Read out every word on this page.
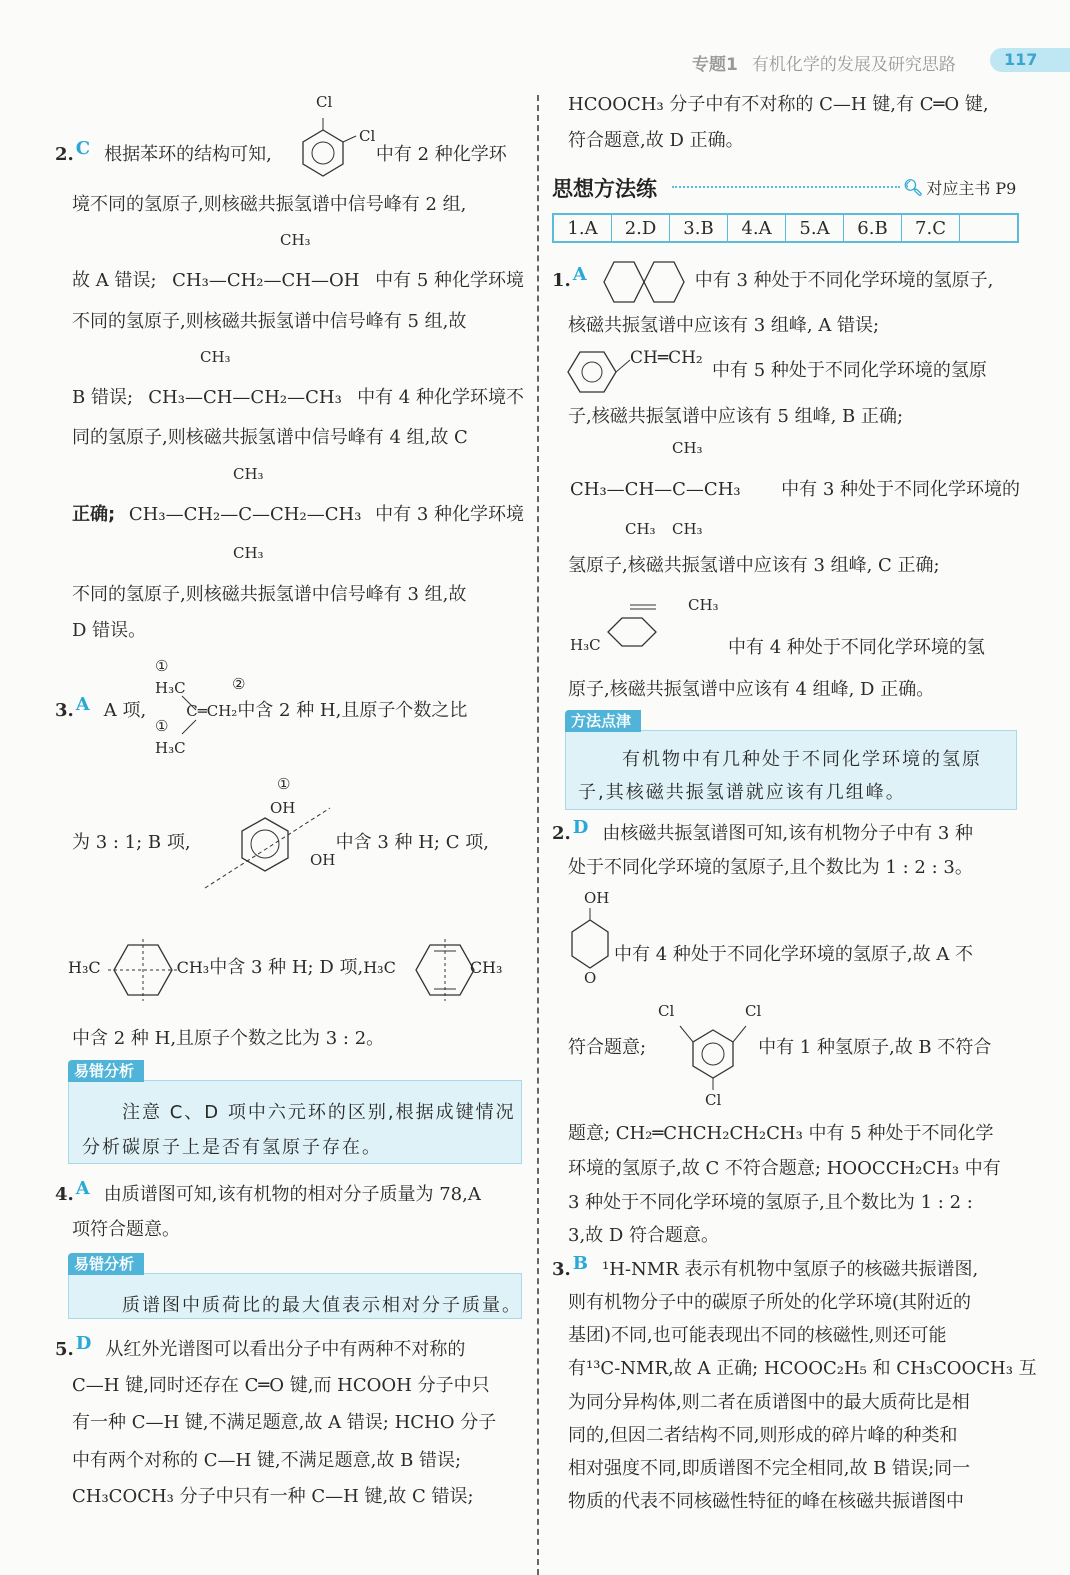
专题1 有机化学的发展及研究思路	117
2. C 根据苯环的结构可知,	中有 2 种化学环
Cl
Cl
境不同的氢原子,则核磁共振氢谱中信号峰有 2 组,
CH₃
故 A 错误; CH₃—CH₂—CH—OH 中有 5 种化学环境
不同的氢原子,则核磁共振氢谱中信号峰有 5 组,故
CH₃
B 错误; CH₃—CH—CH₂—CH₃ 中有 4 种化学环境不
同的氢原子,则核磁共振氢谱中信号峰有 4 组,故 C
CH₃
正确; CH₃—CH₂—C—CH₂—CH₃ 中有 3 种化学环境
CH₃
不同的氢原子,则核磁共振氢谱中信号峰有 3 组,故
D 错误。
①
H₃C
①
H₃C
②
3. A A 项,	C═CH₂ 中含 2 种 H,且原子个数之比
①
OH
OH
为 3 : 1; B 项,	中含 3 种 H; C 项,
H₃C	CH₃ 中含 3 种 H; D 项, H₃C	CH₃
中含 2 种 H,且原子个数之比为 3 : 2。
易错分析
注意 C、D 项中六元环的区别,根据成键情况
分析碳原子上是否有氢原子存在。
4. A 由质谱图可知,该有机物的相对分子质量为 78,A
项符合题意。
易错分析
质谱图中质荷比的最大值表示相对分子质量。
5. D 从红外光谱图可以看出分子中有两种不对称的
C—H 键,同时还存在 C═O 键,而 HCOOH 分子中只
有一种 C—H 键,不满足题意,故 A 错误; HCHO 分子
中有两个对称的 C—H 键,不满足题意,故 B 错误;
CH₃COCH₃ 分子中只有一种 C—H 键,故 C 错误;
HCOOCH₃ 分子中有不对称的 C—H 键,有 C═O 键,
符合题意,故 D 正确。
思想方法练	🔍︎ 对应主书 P9
1.A	2.D	3.B	4.A	5.A	6.B	7.C
1. A	中有 3 种处于不同化学环境的氢原子,
核磁共振氢谱中应该有 3 组峰, A 错误;
CH═CH₂
中有 5 种处于不同化学环境的氢原
子,核磁共振氢谱中应该有 5 组峰, B 正确;
CH₃
CH₃—CH—C—CH₃ 中有 3 种处于不同化学环境的
CH₃ CH₃
氢原子,核磁共振氢谱中应该有 3 组峰, C 正确;
CH₃
H₃C	中有 4 种处于不同化学环境的氢
原子,核磁共振氢谱中应该有 4 组峰, D 正确。
方法点津
有机物中有几种处于不同化学环境的氢原
子,其核磁共振氢谱就应该有几组峰。
2. D 由核磁共振氢谱图可知,该有机物分子中有 3 种
处于不同化学环境的氢原子,且个数比为 1 : 2 : 3。
OH
O
中有 4 种处于不同化学环境的氢原子,故 A 不
Cl	Cl
Cl
符合题意;	中有 1 种氢原子,故 B 不符合
题意; CH₂═CHCH₂CH₂CH₃ 中有 5 种处于不同化学
环境的氢原子,故 C 不符合题意; HOOCCH₂CH₃ 中有
3 种处于不同化学环境的氢原子,且个数比为 1 : 2 :
3,故 D 符合题意。
3. B ¹H-NMR 表示有机物中氢原子的核磁共振谱图,
则有机物分子中的碳原子所处的化学环境(其附近的
基团)不同,也可能表现出不同的核磁性,则还可能
有¹³C-NMR,故 A 正确; HCOOC₂H₅ 和 CH₃COOCH₃ 互
为同分异构体,则二者在质谱图中的最大质荷比是相
同的,但因二者结构不同,则形成的碎片峰的种类和
相对强度不同,即质谱图不完全相同,故 B 错误;同一
物质的代表不同核磁性特征的峰在核磁共振谱图中
